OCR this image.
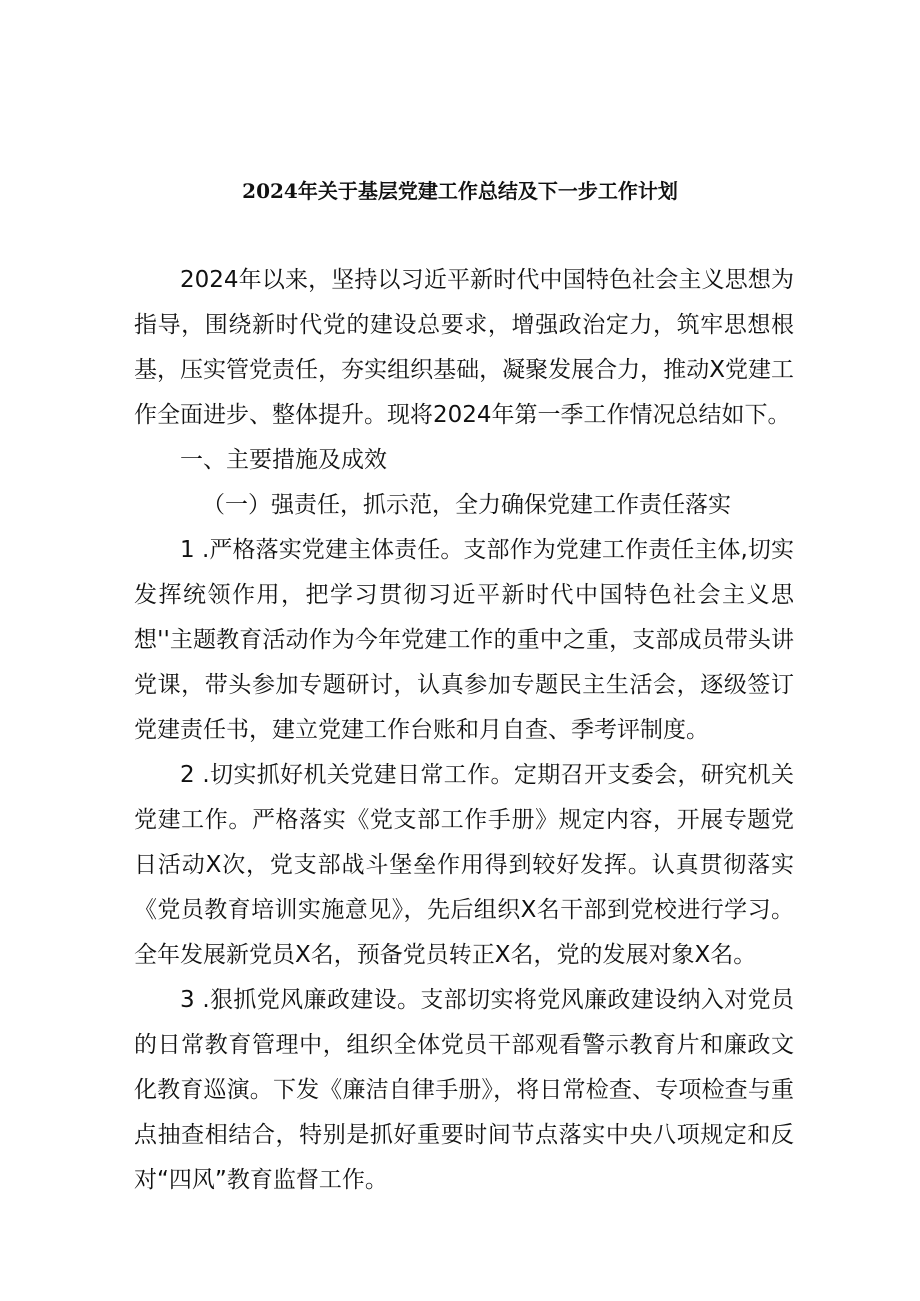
2024年关于基层党建工作总结及下一步工作计划

2024年以来，坚持以习近平新时代中国特色社会主义思想为指导，围绕新时代党的建设总要求，增强政治定力，筑牢思想根基，压实管党责任，夯实组织基础，凝聚发展合力，推动X党建工作全面进步、整体提升。现将2024年第一季工作情况总结如下。

一、主要措施及成效

（一）强责任，抓示范，全力确保党建工作责任落实

1 .严格落实党建主体责任。支部作为党建工作责任主体,切实发挥统领作用，把学习贯彻习近平新时代中国特色社会主义思想''主题教育活动作为今年党建工作的重中之重，支部成员带头讲党课，带头参加专题研讨，认真参加专题民主生活会，逐级签订党建责任书，建立党建工作台账和月自查、季考评制度。

2 .切实抓好机关党建日常工作。定期召开支委会，研究机关党建工作。严格落实《党支部工作手册》规定内容，开展专题党日活动X次，党支部战斗堡垒作用得到较好发挥。认真贯彻落实《党员教育培训实施意见》，先后组织X名干部到党校进行学习。全年发展新党员X名，预备党员转正X名，党的发展对象X名。

3 .狠抓党风廉政建设。支部切实将党风廉政建设纳入对党员的日常教育管理中，组织全体党员干部观看警示教育片和廉政文化教育巡演。下发《廉洁自律手册》，将日常检查、专项检查与重点抽查相结合，特别是抓好重要时间节点落实中央八项规定和反对“四风”教育监督工作。
